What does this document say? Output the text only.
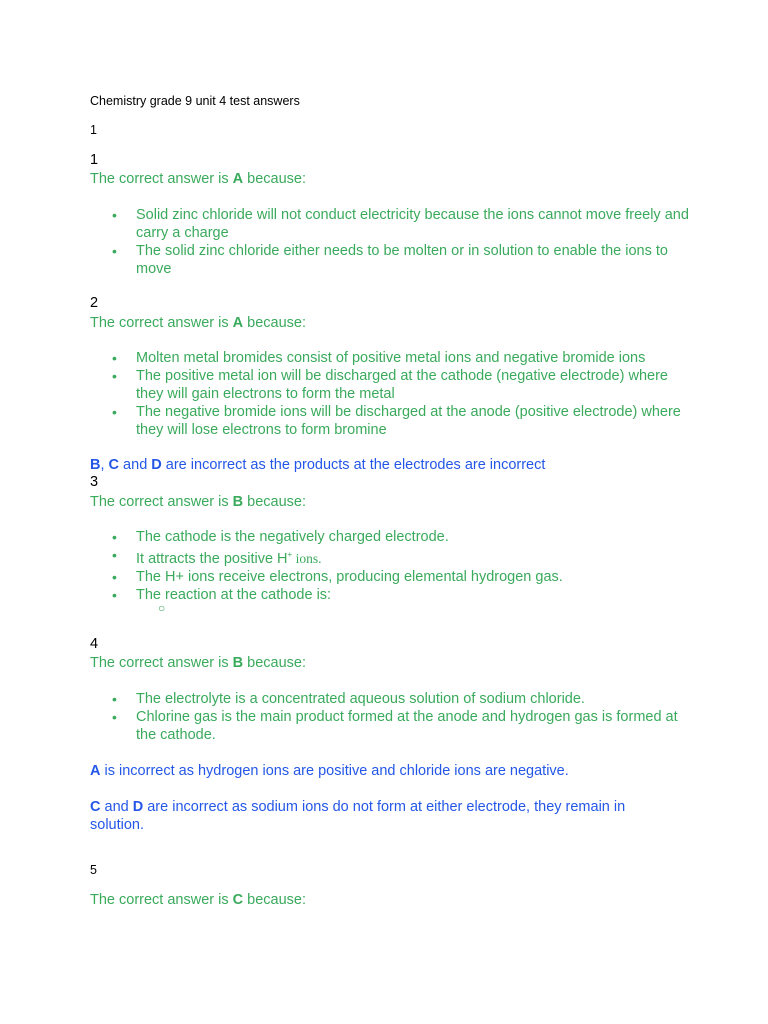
Chemistry grade 9 unit 4 test answers
1
1
The correct answer is A because:
• Solid zinc chloride will not conduct electricity because the ions cannot move freely and carry a charge
• The solid zinc chloride either needs to be molten or in solution to enable the ions to move
2
The correct answer is A because:
• Molten metal bromides consist of positive metal ions and negative bromide ions
• The positive metal ion will be discharged at the cathode (negative electrode) where they will gain electrons to form the metal
• The negative bromide ions will be discharged at the anode (positive electrode) where they will lose electrons to form bromine
B, C and D are incorrect as the products at the electrodes are incorrect
3
The correct answer is B because:
• The cathode is the negatively charged electrode.
• It attracts the positive H+ ions.
• The H+ ions receive electrons, producing elemental hydrogen gas.
• The reaction at the cathode is:
○
4
The correct answer is B because:
• The electrolyte is a concentrated aqueous solution of sodium chloride.
• Chlorine gas is the main product formed at the anode and hydrogen gas is formed at the cathode.
A is incorrect as hydrogen ions are positive and chloride ions are negative.
C and D are incorrect as sodium ions do not form at either electrode, they remain in solution.
5
The correct answer is C because:
